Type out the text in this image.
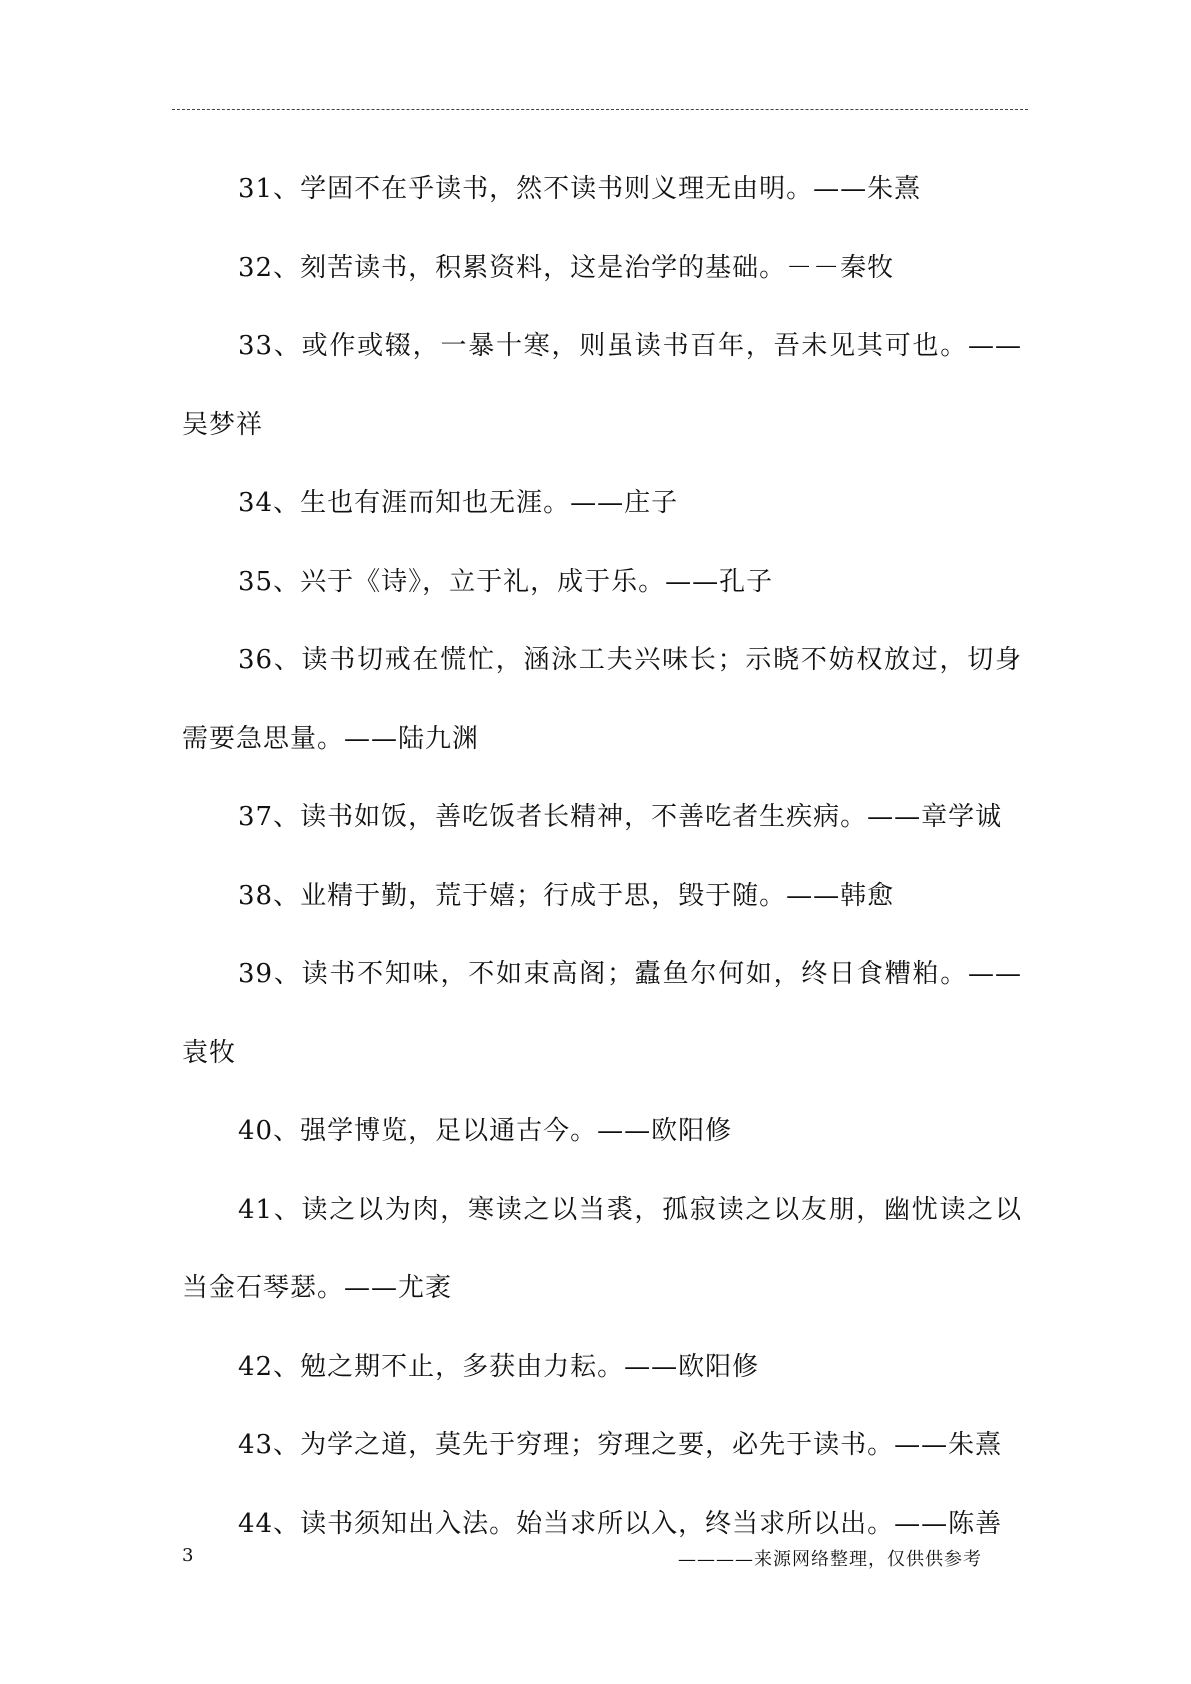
31、学固不在乎读书，然不读书则义理无由明。——朱熹

32、刻苦读书，积累资料，这是治学的基础。－－秦牧

33、或作或辍，一暴十寒，则虽读书百年，吾未见其可也。——吴梦祥

34、生也有涯而知也无涯。——庄子

35、兴于《诗》，立于礼，成于乐。——孔子

36、读书切戒在慌忙，涵泳工夫兴味长；示晓不妨权放过，切身需要急思量。——陆九渊

37、读书如饭，善吃饭者长精神，不善吃者生疾病。——章学诚

38、业精于勤，荒于嬉；行成于思，毁于随。——韩愈

39、读书不知味，不如束高阁；蠹鱼尔何如，终日食糟粕。——袁牧

40、强学博览，足以通古今。——欧阳修

41、读之以为肉，寒读之以当裘，孤寂读之以友朋，幽忧读之以当金石琴瑟。——尤袤

42、勉之期不止，多获由力耘。——欧阳修

43、为学之道，莫先于穷理；穷理之要，必先于读书。——朱熹

44、读书须知出入法。始当求所以入，终当求所以出。——陈善

3	————来源网络整理，仅供供参考
